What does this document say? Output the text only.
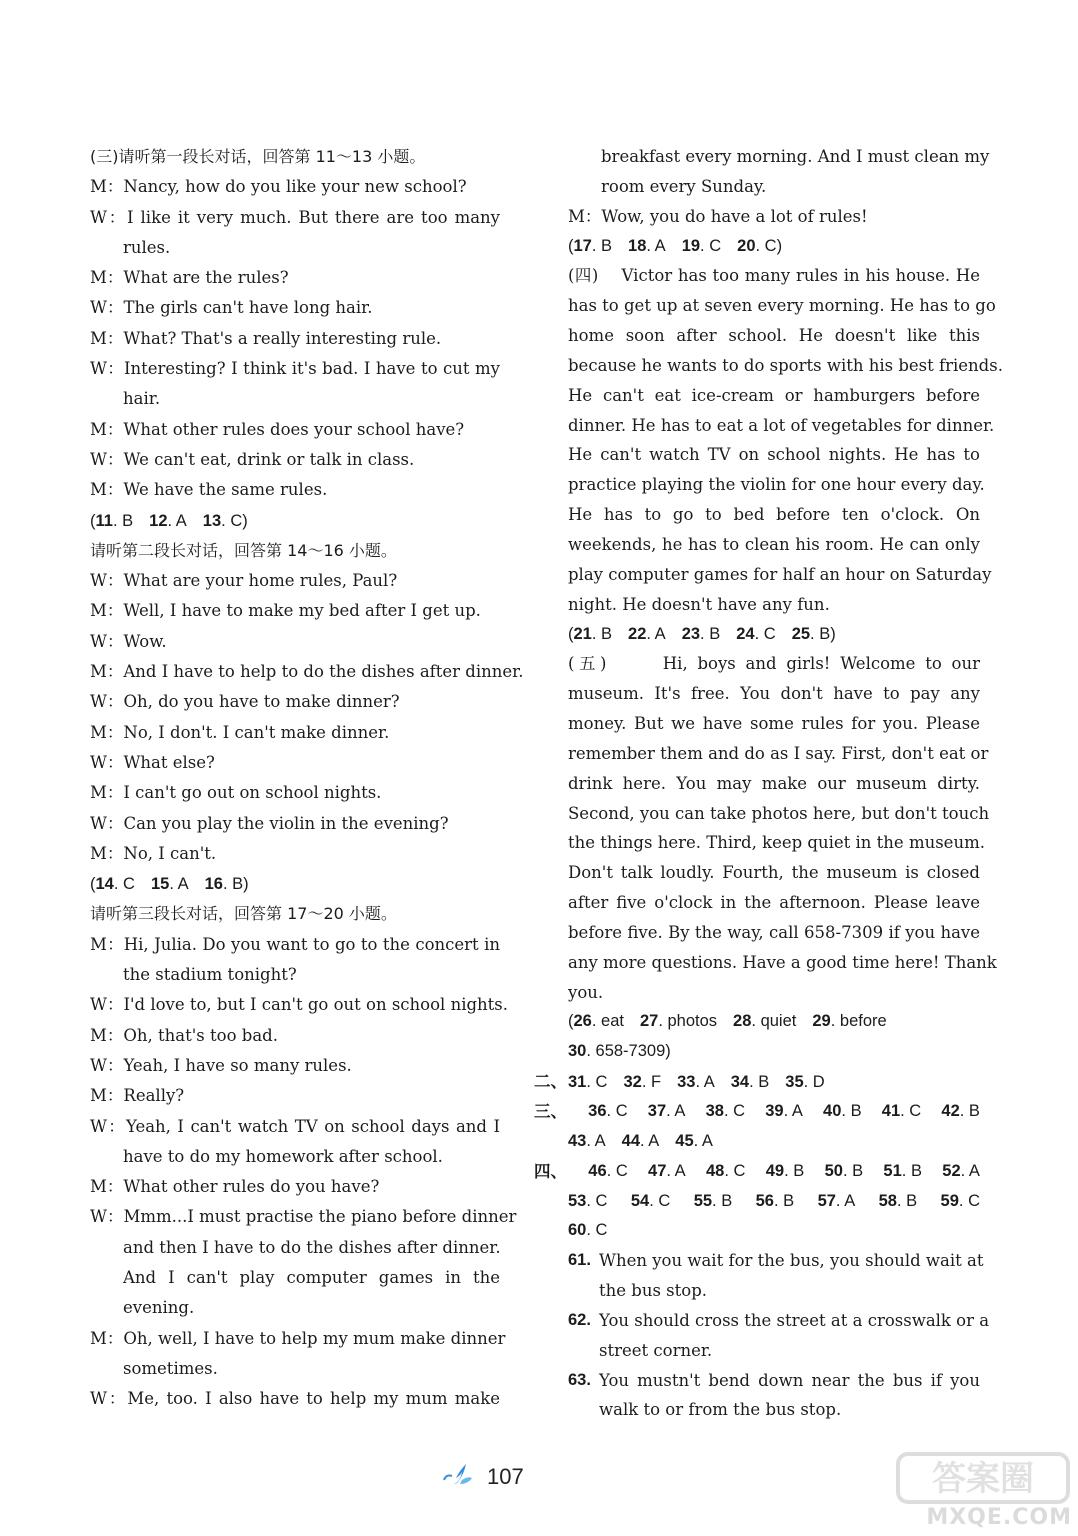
(三)请听第一段长对话，回答第 11～13 小题。
M：Nancy, how do you like your new school?
W：I like it very much. But there are too many
rules.
M：What are the rules?
W：The girls can't have long hair.
M：What? That's a really interesting rule.
W：Interesting? I think it's bad. I have to cut my
hair.
M：What other rules does your school have?
W：We can't eat, drink or talk in class.
M：We have the same rules.
(11. B 12. A 13. C)
请听第二段长对话，回答第 14～16 小题。
W：What are your home rules, Paul?
M：Well, I have to make my bed after I get up.
W：Wow.
M：And I have to help to do the dishes after dinner.
W：Oh, do you have to make dinner?
M：No, I don't. I can't make dinner.
W：What else?
M：I can't go out on school nights.
W：Can you play the violin in the evening?
M：No, I can't.
(14. C 15. A 16. B)
请听第三段长对话，回答第 17～20 小题。
M：Hi, Julia. Do you want to go to the concert in
the stadium tonight?
W：I'd love to, but I can't go out on school nights.
M：Oh, that's too bad.
W：Yeah, I have so many rules.
M：Really?
W：Yeah, I can't watch TV on school days and I
have to do my homework after school.
M：What other rules do you have?
W：Mmm...I must practise the piano before dinner
and then I have to do the dishes after dinner.
And I can't play computer games in the
evening.
M：Oh, well, I have to help my mum make dinner
sometimes.
W：Me, too. I also have to help my mum make
breakfast every morning. And I must clean my
room every Sunday.
M：Wow, you do have a lot of rules!
(17. B 18. A 19. C 20. C)
(四)　 Victor has too many rules in his house. He
has to get up at seven every morning. He has to go
home soon after school. He doesn't like this
because he wants to do sports with his best friends.
He can't eat ice-cream or hamburgers before
dinner. He has to eat a lot of vegetables for dinner.
He can't watch TV on school nights. He has to
practice playing the violin for one hour every day.
He has to go to bed before ten o'clock. On
weekends, he has to clean his room. He can only
play computer games for half an hour on Saturday
night. He doesn't have any fun.
(21. B 22. A 23. B 24. C 25. B)
(五)　　 Hi, boys and girls! Welcome to our
museum. It's free. You don't have to pay any
money. But we have some rules for you. Please
remember them and do as I say. First, don't eat or
drink here. You may make our museum dirty.
Second, you can take photos here, but don't touch
the things here. Third, keep quiet in the museum.
Don't talk loudly. Fourth, the museum is closed
after five o'clock in the afternoon. Please leave
before five. By the way, call 658-7309 if you have
any more questions. Have a good time here! Thank
you.
(26. eat 27. photos 28. quiet 29. before
30. 658-7309)
二、31. C 32. F 33. A 34. B 35. D
三、 36. C 37. A 38. C 39. A 40. B 41. C 42. B
43. A 44. A 45. A
四、 46. C 47. A 48. C 49. B 50. B 51. B 52. A
53. C 54. C 55. B 56. B 57. A 58. B 59. C
60. C
61. When you wait for the bus, you should wait at
the bus stop.
62. You should cross the street at a crosswalk or a
street corner.
63. You mustn't bend down near the bus if you
walk to or from the bus stop.
107	答案圈
MXQE.COM
